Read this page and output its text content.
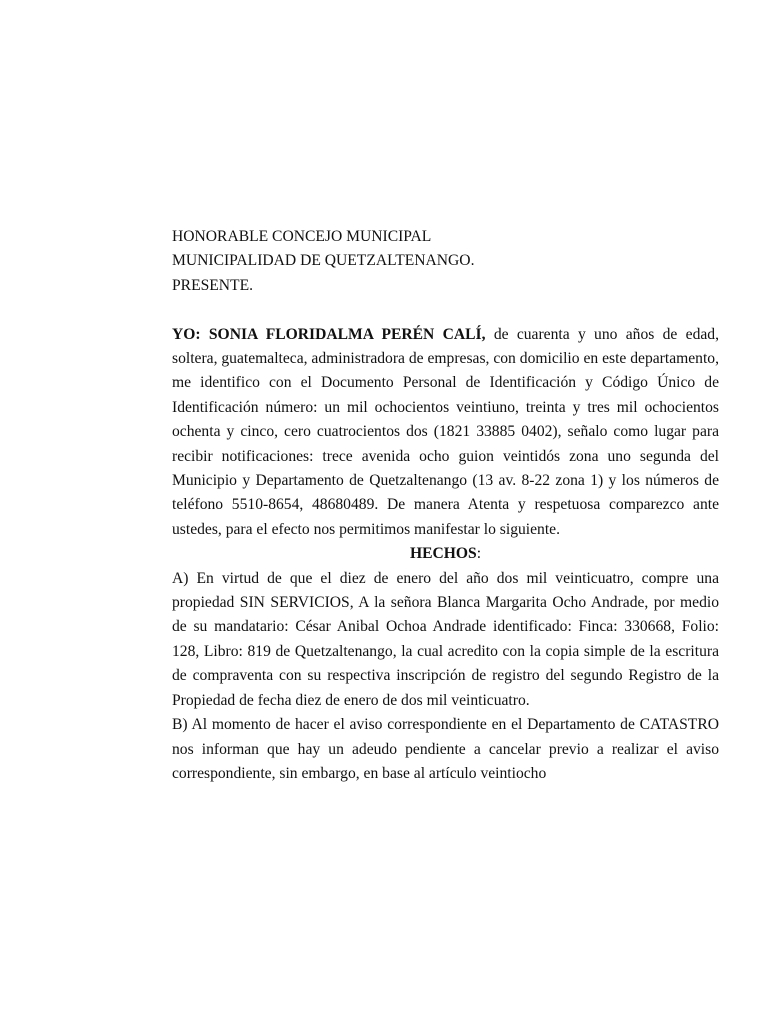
HONORABLE CONCEJO MUNICIPAL
MUNICIPALIDAD DE QUETZALTENANGO.
PRESENTE.

YO: SONIA FLORIDALMA PERÉN CALÍ, de cuarenta y uno años de edad, soltera, guatemalteca, administradora de empresas, con domicilio en este departamento, me identifico con el Documento Personal de Identificación y Código Único de Identificación número: un mil ochocientos veintiuno, treinta y tres mil ochocientos ochenta y cinco, cero cuatrocientos dos (1821 33885 0402), señalo como lugar para recibir notificaciones: trece avenida ocho guion veintidós zona uno segunda del Municipio y Departamento de Quetzaltenango (13 av. 8-22 zona 1) y los números de teléfono 5510-8654, 48680489. De manera Atenta y respetuosa comparezco ante ustedes, para el efecto nos permitimos manifestar lo siguiente.

HECHOS:

A) En virtud de que el diez de enero del año dos mil veinticuatro, compre una propiedad SIN SERVICIOS, A la señora Blanca Margarita Ocho Andrade, por medio de su mandatario: César Anibal Ochoa Andrade identificado: Finca: 330668, Folio: 128, Libro: 819 de Quetzaltenango, la cual acredito con la copia simple de la escritura de compraventa con su respectiva inscripción de registro del segundo Registro de la Propiedad de fecha diez de enero de dos mil veinticuatro.

B) Al momento de hacer el aviso correspondiente en el Departamento de CATASTRO nos informan que hay un adeudo pendiente a cancelar previo a realizar el aviso correspondiente, sin embargo, en base al artículo veintiocho
